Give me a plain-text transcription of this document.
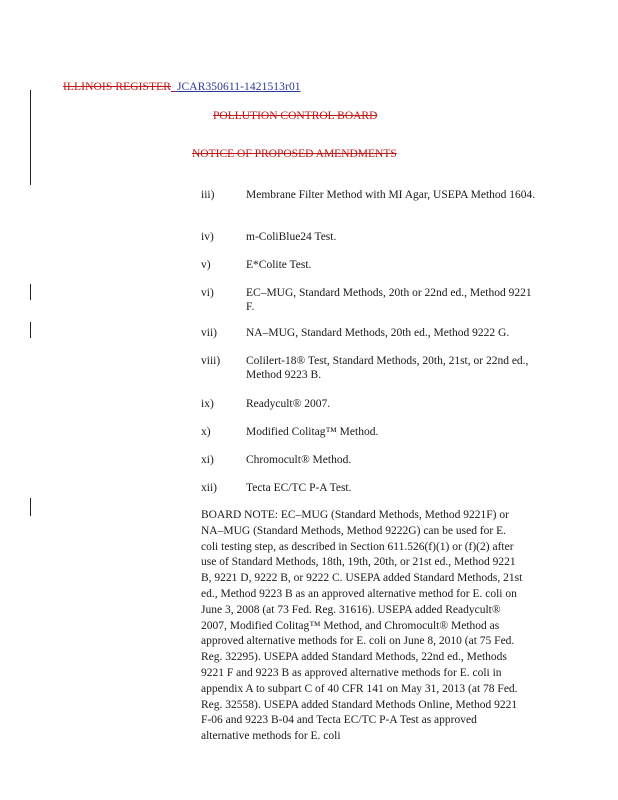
ILLINOIS REGISTER_JCAR350611-1421513r01
POLLUTION CONTROL BOARD
NOTICE OF PROPOSED AMENDMENTS
iii)	Membrane Filter Method with MI Agar, USEPA Method 1604.
iv)	m-ColiBlue24 Test.
v)	E*Colite Test.
vi)	EC–MUG, Standard Methods, 20th or 22nd ed., Method 9221 F.
vii)	NA–MUG, Standard Methods, 20th ed., Method 9222 G.
viii)	Colilert-18® Test, Standard Methods, 20th, 21st, or 22nd ed., Method 9223 B.
ix)	Readycult® 2007.
x)	Modified Colitag™ Method.
xi)	Chromocult® Method.
xii)	Tecta EC/TC P-A Test.
BOARD NOTE: EC–MUG (Standard Methods, Method 9221F) or NA–MUG (Standard Methods, Method 9222G) can be used for E. coli testing step, as described in Section 611.526(f)(1) or (f)(2) after use of Standard Methods, 18th, 19th, 20th, or 21st ed., Method 9221 B, 9221 D, 9222 B, or 9222 C. USEPA added Standard Methods, 21st ed., Method 9223 B as an approved alternative method for E. coli on June 3, 2008 (at 73 Fed. Reg. 31616). USEPA added Readycult® 2007, Modified Colitag™ Method, and Chromocult® Method as approved alternative methods for E. coli on June 8, 2010 (at 75 Fed. Reg. 32295). USEPA added Standard Methods, 22nd ed., Methods 9221 F and 9223 B as approved alternative methods for E. coli in appendix A to subpart C of 40 CFR 141 on May 31, 2013 (at 78 Fed. Reg. 32558). USEPA added Standard Methods Online, Method 9221 F-06 and 9223 B-04 and Tecta EC/TC P-A Test as approved alternative methods for E. coli
